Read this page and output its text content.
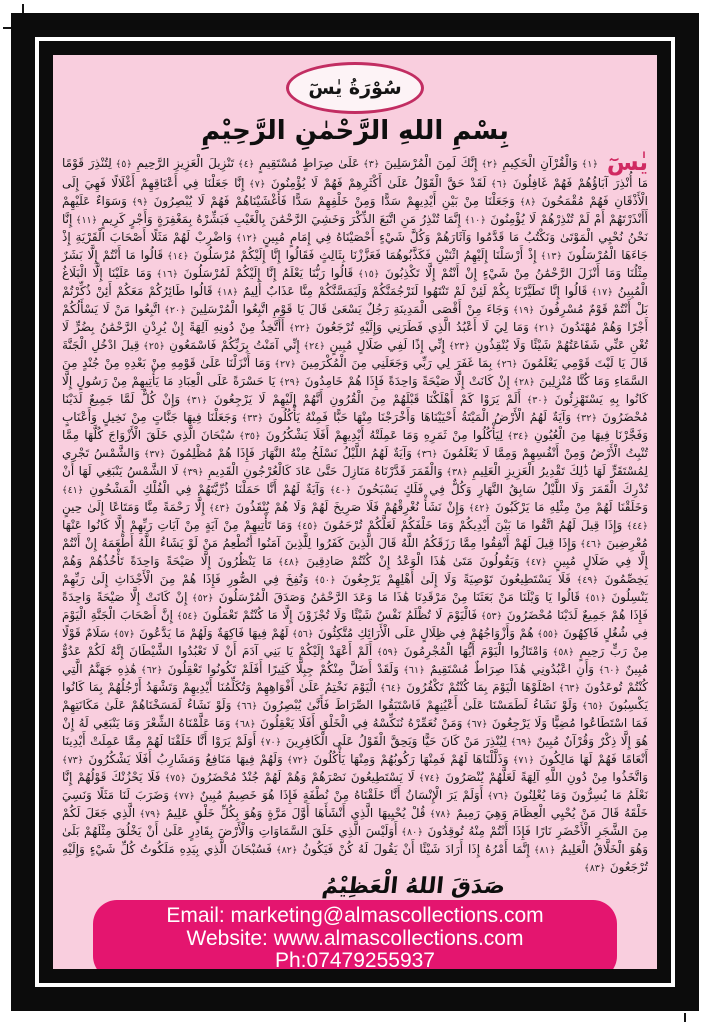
سُوْرَةُ يٰسٓ
بِسْمِ اللهِ الرَّحْمٰنِ الرَّحِيْمِ
يٰسٓ ﴿١﴾ وَالْقُرْآنِ الْحَكِيمِ ﴿٢﴾ إِنَّكَ لَمِنَ الْمُرْسَلِينَ ﴿٣﴾ عَلَىٰ صِرَاطٍ مُسْتَقِيمٍ ﴿٤﴾ تَنْزِيلَ الْعَزِيزِ الرَّحِيمِ ﴿٥﴾ لِتُنْذِرَ قَوْمًا مَا أُنْذِرَ آبَاؤُهُمْ فَهُمْ غَافِلُونَ ﴿٦﴾ لَقَدْ حَقَّ الْقَوْلُ عَلَىٰ أَكْثَرِهِمْ فَهُمْ لَا يُؤْمِنُونَ ﴿٧﴾ إِنَّا جَعَلْنَا فِي أَعْنَاقِهِمْ أَغْلَالًا فَهِيَ إِلَى الْأَذْقَانِ فَهُمْ مُقْمَحُونَ ﴿٨﴾ وَجَعَلْنَا مِنْ بَيْنِ أَيْدِيهِمْ سَدًّا وَمِنْ خَلْفِهِمْ سَدًّا فَأَغْشَيْنَاهُمْ فَهُمْ لَا يُبْصِرُونَ ﴿٩﴾ وَسَوَاءٌ عَلَيْهِمْ أَأَنْذَرْتَهُمْ أَمْ لَمْ تُنْذِرْهُمْ لَا يُؤْمِنُونَ ﴿١٠﴾ إِنَّمَا تُنْذِرُ مَنِ اتَّبَعَ الذِّكْرَ وَخَشِيَ الرَّحْمَٰنَ بِالْغَيْبِ فَبَشِّرْهُ بِمَغْفِرَةٍ وَأَجْرٍ كَرِيمٍ ﴿١١﴾ إِنَّا نَحْنُ نُحْيِي الْمَوْتَىٰ وَنَكْتُبُ مَا قَدَّمُوا وَآثَارَهُمْ وَكُلَّ شَيْءٍ أَحْصَيْنَاهُ فِي إِمَامٍ مُبِينٍ ﴿١٢﴾ وَاضْرِبْ لَهُمْ مَثَلًا أَصْحَابَ الْقَرْيَةِ إِذْ جَاءَهَا الْمُرْسَلُونَ ﴿١٣﴾ إِذْ أَرْسَلْنَا إِلَيْهِمُ اثْنَيْنِ فَكَذَّبُوهُمَا فَعَزَّزْنَا بِثَالِثٍ فَقَالُوا إِنَّا إِلَيْكُمْ مُرْسَلُونَ ﴿١٤﴾ قَالُوا مَا أَنْتُمْ إِلَّا بَشَرٌ مِثْلُنَا وَمَا أَنْزَلَ الرَّحْمَٰنُ مِنْ شَيْءٍ إِنْ أَنْتُمْ إِلَّا تَكْذِبُونَ ﴿١٥﴾ قَالُوا رَبُّنَا يَعْلَمُ إِنَّا إِلَيْكُمْ لَمُرْسَلُونَ ﴿١٦﴾ وَمَا عَلَيْنَا إِلَّا الْبَلَاغُ الْمُبِينُ ﴿١٧﴾ قَالُوا إِنَّا تَطَيَّرْنَا بِكُمْ لَئِنْ لَمْ تَنْتَهُوا لَنَرْجُمَنَّكُمْ وَلَيَمَسَّنَّكُمْ مِنَّا عَذَابٌ أَلِيمٌ ﴿١٨﴾ قَالُوا طَائِرُكُمْ مَعَكُمْ أَئِنْ ذُكِّرْتُمْ بَلْ أَنْتُمْ قَوْمٌ مُسْرِفُونَ ﴿١٩﴾ وَجَاءَ مِنْ أَقْصَى الْمَدِينَةِ رَجُلٌ يَسْعَىٰ قَالَ يَا قَوْمِ اتَّبِعُوا الْمُرْسَلِينَ ﴿٢٠﴾ اتَّبِعُوا مَنْ لَا يَسْأَلُكُمْ أَجْرًا وَهُمْ مُهْتَدُونَ ﴿٢١﴾ وَمَا لِيَ لَا أَعْبُدُ الَّذِي فَطَرَنِي وَإِلَيْهِ تُرْجَعُونَ ﴿٢٢﴾ أَأَتَّخِذُ مِنْ دُونِهِ آلِهَةً إِنْ يُرِدْنِ الرَّحْمَٰنُ بِضُرٍّ لَا تُغْنِ عَنِّي شَفَاعَتُهُمْ شَيْئًا وَلَا يُنْقِذُونِ ﴿٢٣﴾ إِنِّي إِذًا لَفِي ضَلَالٍ مُبِينٍ ﴿٢٤﴾ إِنِّي آمَنْتُ بِرَبِّكُمْ فَاسْمَعُونِ ﴿٢٥﴾ قِيلَ ادْخُلِ الْجَنَّةَ قَالَ يَا لَيْتَ قَوْمِي يَعْلَمُونَ ﴿٢٦﴾ بِمَا غَفَرَ لِي رَبِّي وَجَعَلَنِي مِنَ الْمُكْرَمِينَ ﴿٢٧﴾ وَمَا أَنْزَلْنَا عَلَىٰ قَوْمِهِ مِنْ بَعْدِهِ مِنْ جُنْدٍ مِنَ السَّمَاءِ وَمَا كُنَّا مُنْزِلِينَ ﴿٢٨﴾ إِنْ كَانَتْ إِلَّا صَيْحَةً وَاحِدَةً فَإِذَا هُمْ خَامِدُونَ ﴿٢٩﴾ يَا حَسْرَةً عَلَى الْعِبَادِ مَا يَأْتِيهِمْ مِنْ رَسُولٍ إِلَّا كَانُوا بِهِ يَسْتَهْزِئُونَ ﴿٣٠﴾ أَلَمْ يَرَوْا كَمْ أَهْلَكْنَا قَبْلَهُمْ مِنَ الْقُرُونِ أَنَّهُمْ إِلَيْهِمْ لَا يَرْجِعُونَ ﴿٣١﴾ وَإِنْ كُلٌّ لَمَّا جَمِيعٌ لَدَيْنَا مُحْضَرُونَ ﴿٣٢﴾ وَآيَةٌ لَهُمُ الْأَرْضُ الْمَيْتَةُ أَحْيَيْنَاهَا وَأَخْرَجْنَا مِنْهَا حَبًّا فَمِنْهُ يَأْكُلُونَ ﴿٣٣﴾ وَجَعَلْنَا فِيهَا جَنَّاتٍ مِنْ نَخِيلٍ وَأَعْنَابٍ وَفَجَّرْنَا فِيهَا مِنَ الْعُيُونِ ﴿٣٤﴾ لِيَأْكُلُوا مِنْ ثَمَرِهِ وَمَا عَمِلَتْهُ أَيْدِيهِمْ أَفَلَا يَشْكُرُونَ ﴿٣٥﴾ سُبْحَانَ الَّذِي خَلَقَ الْأَزْوَاجَ كُلَّهَا مِمَّا تُنْبِتُ الْأَرْضُ وَمِنْ أَنْفُسِهِمْ وَمِمَّا لَا يَعْلَمُونَ ﴿٣٦﴾ وَآيَةٌ لَهُمُ اللَّيْلُ نَسْلَخُ مِنْهُ النَّهَارَ فَإِذَا هُمْ مُظْلِمُونَ ﴿٣٧﴾ وَالشَّمْسُ تَجْرِي لِمُسْتَقَرٍّ لَهَا ذَٰلِكَ تَقْدِيرُ الْعَزِيزِ الْعَلِيمِ ﴿٣٨﴾ وَالْقَمَرَ قَدَّرْنَاهُ مَنَازِلَ حَتَّىٰ عَادَ كَالْعُرْجُونِ الْقَدِيمِ ﴿٣٩﴾ لَا الشَّمْسُ يَنْبَغِي لَهَا أَنْ تُدْرِكَ الْقَمَرَ وَلَا اللَّيْلُ سَابِقُ النَّهَارِ وَكُلٌّ فِي فَلَكٍ يَسْبَحُونَ ﴿٤٠﴾ وَآيَةٌ لَهُمْ أَنَّا حَمَلْنَا ذُرِّيَّتَهُمْ فِي الْفُلْكِ الْمَشْحُونِ ﴿٤١﴾ وَخَلَقْنَا لَهُمْ مِنْ مِثْلِهِ مَا يَرْكَبُونَ ﴿٤٢﴾ وَإِنْ نَشَأْ نُغْرِقْهُمْ فَلَا صَرِيخَ لَهُمْ وَلَا هُمْ يُنْقَذُونَ ﴿٤٣﴾ إِلَّا رَحْمَةً مِنَّا وَمَتَاعًا إِلَىٰ حِينٍ ﴿٤٤﴾ وَإِذَا قِيلَ لَهُمُ اتَّقُوا مَا بَيْنَ أَيْدِيكُمْ وَمَا خَلْفَكُمْ لَعَلَّكُمْ تُرْحَمُونَ ﴿٤٥﴾ وَمَا تَأْتِيهِمْ مِنْ آيَةٍ مِنْ آيَاتِ رَبِّهِمْ إِلَّا كَانُوا عَنْهَا مُعْرِضِينَ ﴿٤٦﴾ وَإِذَا قِيلَ لَهُمْ أَنْفِقُوا مِمَّا رَزَقَكُمُ اللَّهُ قَالَ الَّذِينَ كَفَرُوا لِلَّذِينَ آمَنُوا أَنُطْعِمُ مَنْ لَوْ يَشَاءُ اللَّهُ أَطْعَمَهُ إِنْ أَنْتُمْ إِلَّا فِي ضَلَالٍ مُبِينٍ ﴿٤٧﴾ وَيَقُولُونَ مَتَىٰ هَٰذَا الْوَعْدُ إِنْ كُنْتُمْ صَادِقِينَ ﴿٤٨﴾ مَا يَنْظُرُونَ إِلَّا صَيْحَةً وَاحِدَةً تَأْخُذُهُمْ وَهُمْ يَخِصِّمُونَ ﴿٤٩﴾ فَلَا يَسْتَطِيعُونَ تَوْصِيَةً وَلَا إِلَىٰ أَهْلِهِمْ يَرْجِعُونَ ﴿٥٠﴾ وَنُفِخَ فِي الصُّورِ فَإِذَا هُمْ مِنَ الْأَجْدَاثِ إِلَىٰ رَبِّهِمْ يَنْسِلُونَ ﴿٥١﴾ قَالُوا يَا وَيْلَنَا مَنْ بَعَثَنَا مِنْ مَرْقَدِنَا هَٰذَا مَا وَعَدَ الرَّحْمَٰنُ وَصَدَقَ الْمُرْسَلُونَ ﴿٥٢﴾ إِنْ كَانَتْ إِلَّا صَيْحَةً وَاحِدَةً فَإِذَا هُمْ جَمِيعٌ لَدَيْنَا مُحْضَرُونَ ﴿٥٣﴾ فَالْيَوْمَ لَا تُظْلَمُ نَفْسٌ شَيْئًا وَلَا تُجْزَوْنَ إِلَّا مَا كُنْتُمْ تَعْمَلُونَ ﴿٥٤﴾ إِنَّ أَصْحَابَ الْجَنَّةِ الْيَوْمَ فِي شُغُلٍ فَاكِهُونَ ﴿٥٥﴾ هُمْ وَأَزْوَاجُهُمْ فِي ظِلَالٍ عَلَى الْأَرَائِكِ مُتَّكِئُونَ ﴿٥٦﴾ لَهُمْ فِيهَا فَاكِهَةٌ وَلَهُمْ مَا يَدَّعُونَ ﴿٥٧﴾ سَلَامٌ قَوْلًا مِنْ رَبٍّ رَحِيمٍ ﴿٥٨﴾ وَامْتَازُوا الْيَوْمَ أَيُّهَا الْمُجْرِمُونَ ﴿٥٩﴾ أَلَمْ أَعْهَدْ إِلَيْكُمْ يَا بَنِي آدَمَ أَنْ لَا تَعْبُدُوا الشَّيْطَانَ إِنَّهُ لَكُمْ عَدُوٌّ مُبِينٌ ﴿٦٠﴾ وَأَنِ اعْبُدُونِي هَٰذَا صِرَاطٌ مُسْتَقِيمٌ ﴿٦١﴾ وَلَقَدْ أَضَلَّ مِنْكُمْ جِبِلًّا كَثِيرًا أَفَلَمْ تَكُونُوا تَعْقِلُونَ ﴿٦٢﴾ هَٰذِهِ جَهَنَّمُ الَّتِي كُنْتُمْ تُوعَدُونَ ﴿٦٣﴾ اصْلَوْهَا الْيَوْمَ بِمَا كُنْتُمْ تَكْفُرُونَ ﴿٦٤﴾ الْيَوْمَ نَخْتِمُ عَلَىٰ أَفْوَاهِهِمْ وَتُكَلِّمُنَا أَيْدِيهِمْ وَتَشْهَدُ أَرْجُلُهُمْ بِمَا كَانُوا يَكْسِبُونَ ﴿٦٥﴾ وَلَوْ نَشَاءُ لَطَمَسْنَا عَلَىٰ أَعْيُنِهِمْ فَاسْتَبَقُوا الصِّرَاطَ فَأَنَّىٰ يُبْصِرُونَ ﴿٦٦﴾ وَلَوْ نَشَاءُ لَمَسَخْنَاهُمْ عَلَىٰ مَكَانَتِهِمْ فَمَا اسْتَطَاعُوا مُضِيًّا وَلَا يَرْجِعُونَ ﴿٦٧﴾ وَمَنْ نُعَمِّرْهُ نُنَكِّسْهُ فِي الْخَلْقِ أَفَلَا يَعْقِلُونَ ﴿٦٨﴾ وَمَا عَلَّمْنَاهُ الشِّعْرَ وَمَا يَنْبَغِي لَهُ إِنْ هُوَ إِلَّا ذِكْرٌ وَقُرْآنٌ مُبِينٌ ﴿٦٩﴾ لِيُنْذِرَ مَنْ كَانَ حَيًّا وَيَحِقَّ الْقَوْلُ عَلَى الْكَافِرِينَ ﴿٧٠﴾ أَوَلَمْ يَرَوْا أَنَّا خَلَقْنَا لَهُمْ مِمَّا عَمِلَتْ أَيْدِينَا أَنْعَامًا فَهُمْ لَهَا مَالِكُونَ ﴿٧١﴾ وَذَلَّلْنَاهَا لَهُمْ فَمِنْهَا رَكُوبُهُمْ وَمِنْهَا يَأْكُلُونَ ﴿٧٢﴾ وَلَهُمْ فِيهَا مَنَافِعُ وَمَشَارِبُ أَفَلَا يَشْكُرُونَ ﴿٧٣﴾ وَاتَّخَذُوا مِنْ دُونِ اللَّهِ آلِهَةً لَعَلَّهُمْ يُنْصَرُونَ ﴿٧٤﴾ لَا يَسْتَطِيعُونَ نَصْرَهُمْ وَهُمْ لَهُمْ جُنْدٌ مُحْضَرُونَ ﴿٧٥﴾ فَلَا يَحْزُنْكَ قَوْلُهُمْ إِنَّا نَعْلَمُ مَا يُسِرُّونَ وَمَا يُعْلِنُونَ ﴿٧٦﴾ أَوَلَمْ يَرَ الْإِنْسَانُ أَنَّا خَلَقْنَاهُ مِنْ نُطْفَةٍ فَإِذَا هُوَ خَصِيمٌ مُبِينٌ ﴿٧٧﴾ وَضَرَبَ لَنَا مَثَلًا وَنَسِيَ خَلْقَهُ قَالَ مَنْ يُحْيِي الْعِظَامَ وَهِيَ رَمِيمٌ ﴿٧٨﴾ قُلْ يُحْيِيهَا الَّذِي أَنْشَأَهَا أَوَّلَ مَرَّةٍ وَهُوَ بِكُلِّ خَلْقٍ عَلِيمٌ ﴿٧٩﴾ الَّذِي جَعَلَ لَكُمْ مِنَ الشَّجَرِ الْأَخْضَرِ نَارًا فَإِذَا أَنْتُمْ مِنْهُ تُوقِدُونَ ﴿٨٠﴾ أَوَلَيْسَ الَّذِي خَلَقَ السَّمَاوَاتِ وَالْأَرْضَ بِقَادِرٍ عَلَىٰ أَنْ يَخْلُقَ مِثْلَهُمْ بَلَىٰ وَهُوَ الْخَلَّاقُ الْعَلِيمُ ﴿٨١﴾ إِنَّمَا أَمْرُهُ إِذَا أَرَادَ شَيْئًا أَنْ يَقُولَ لَهُ كُنْ فَيَكُونُ ﴿٨٢﴾ فَسُبْحَانَ الَّذِي بِيَدِهِ مَلَكُوتُ كُلِّ شَيْءٍ وَإِلَيْهِ تُرْجَعُونَ ﴿٨٣﴾
صَدَقَ اللهُ الْعَظِيْمُ
Email: marketing@almascollections.com
Website: www.almascollections.com
Ph:07479255937
